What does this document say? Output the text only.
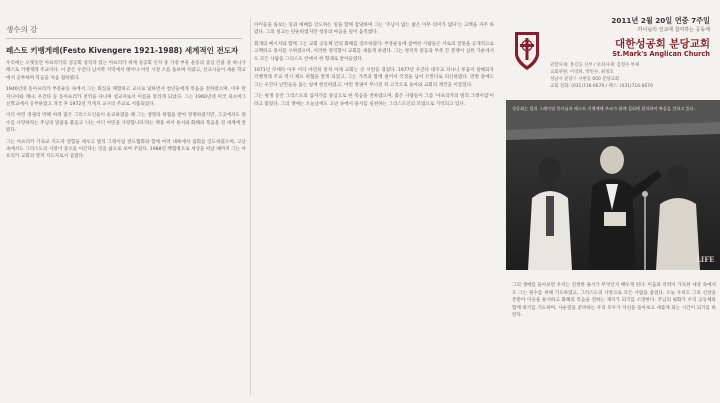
생수의 강
페스토 키벵게레(Festo Kivengere 1921-1988) 세계적인 전도자

우리에는 오랫동안 아프리카의 성공회 성직자 있는 아프리카 세계 성공회 신자 중 가장 부흥 운동의 중심 인물 중 하나가 페스토 키벵게레 주교이다. 이 분은 우간다 남서쪽 지역에서 태어나 어린 시절 소를 돌보며 자랐고, 선교사들이 세운 학교에서 공부하며 복음을 처음 접하였다.

1940년대 동아프리카 부흥운동 속에서 그는 회심을 체험하고 교사로 일하면서 청년들에게 복음을 전하였으며, 이후 탄자니아와 케냐, 우간다 등 동아프리카 전역을 다니며 설교자로서 이름을 알리게 되었다. 그는 1960년대 미국 피츠버그 신학교에서 공부하였고 귀국 후 1972년 키게지 교구의 주교로 서품되었다.

이디 아민 정권의 박해 아래 많은 그리스도인들이 순교하였을 때 그는 생명의 위협을 받아 망명하였지만, 그곳에서도 원수를 사랑하라는 주님의 말씀을 붙들고 '나는 이디 아민을 사랑합니다'라는 책을 써서 용서와 화해의 복음을 전 세계에 알렸다.

그는 아프리카 기독교 지도자 연합을 세우고 빌리 그레이엄 전도협회와 함께 여러 대륙에서 집회를 인도하였으며, 고난 속에서도 그리스도의 사랑이 증오를 이긴다는 것을 삶으로 보여 주었다. 1988년 백혈병으로 세상을 떠날 때까지 그는 아프리카 교회의 영적 지도자로서 섬겼다.

아이들을 돌보는 일과 예배를 인도하는 일을 함께 감당하며 그는 '주님이 없는 삶은 아무 의미가 없다'는 고백을 자주 하였다. 그의 설교는 단순하였지만 청중의 마음을 깊이 움직였다.

회개의 메시지와 함께 그는 교회 공동체 안의 화해를 강조하였다. 부흥운동에 참여한 사람들은 서로의 잘못을 공개적으로 고백하고 용서를 구하였으며, 이러한 정직함이 교회를 새롭게 하였다. 그는 정치적 갈등과 부족 간 분쟁이 심한 가운데서도 모든 사람을 그리스도 안에서 한 형제로 받아들였다.

1971년 쿠데타 이후 이디 아민의 통치 아래 교회는 큰 시련을 겪었다. 1977년 우간다 대주교 자나니 루움이 살해되자 키벵게레 주교 역시 체포 위협을 받게 되었고, 그는 가족과 함께 걸어서 국경을 넘어 르완다로 피신하였다. 망명 중에도 그는 우간다 난민들을 돕는 일에 헌신하였고, 아민 정권이 무너진 뒤 고국으로 돌아와 교회의 재건을 이끌었다.

그는 평생 동안 그리스도의 십자가를 중심으로 한 복음을 전하였으며, 많은 사람들이 그를 '아프리카의 빌리 그레이엄'이라고 불렀다. 그의 생애는 오늘날에도 고난 속에서 용서를 실천하는 그리스도인의 모범으로 기억되고 있다.

2011년 2월 20일 연중 7주일
하나님의 선교에 참여하는 공동체
대한성공회 분당교회
St.Mark's Anglican Church
관할사제: 홍길동 신부 / 보좌사제: 김철수 부제
교회위원: 이영희, 박민수, 최정호
성남시 분당구 서현동 000 분당교회
교회 전화: (031)716-6679 / 팩스: (031)716-6679
성공회는 빌리 그레이엄 목사님과 페스토 키벵게레 주교가 함께 집회에 참석하여 복음을 전하고 있다.
LIFE
그의 생애를 돌아보면 우리는 진정한 용서가 무엇인지 배우게 된다. 미움과 폭력이 가득한 세상 속에서도 그는 원수를 위해 기도하였고, 그리스도의 사랑으로 모든 사람을 품었다. 오늘 우리도 그의 신앙을 본받아 이웃을 용서하고 화해의 복음을 전하는 제자가 되기를 소망한다. 주님의 평화가 우리 공동체와 함께 하기를 기도하며, 사순절을 준비하는 우리 모두가 자신을 돌아보고 새롭게 되는 시간이 되기를 바란다.
